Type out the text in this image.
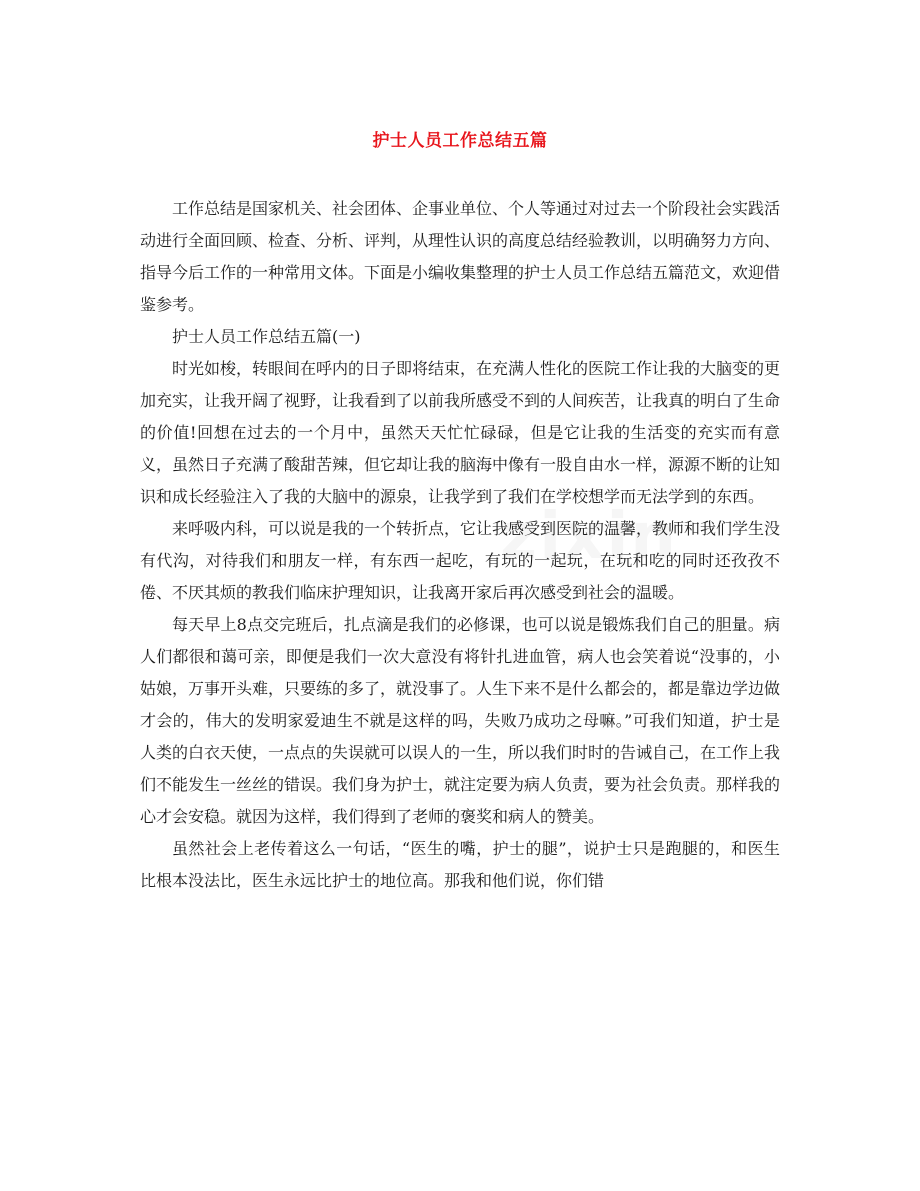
zixin
护士人员工作总结五篇

工作总结是国家机关、社会团体、企事业单位、个人等通过对过去一个阶段社会实践活动进行全面回顾、检查、分析、评判，从理性认识的高度总结经验教训，以明确努力方向、指导今后工作的一种常用文体。下面是小编收集整理的护士人员工作总结五篇范文，欢迎借鉴参考。

护士人员工作总结五篇(一)

时光如梭，转眼间在呼内的日子即将结束，在充满人性化的医院工作让我的大脑变的更加充实，让我开阔了视野，让我看到了以前我所感受不到的人间疾苦，让我真的明白了生命的价值!回想在过去的一个月中，虽然天天忙忙碌碌，但是它让我的生活变的充实而有意义，虽然日子充满了酸甜苦辣，但它却让我的脑海中像有一股自由水一样，源源不断的让知识和成长经验注入了我的大脑中的源泉，让我学到了我们在学校想学而无法学到的东西。

来呼吸内科，可以说是我的一个转折点，它让我感受到医院的温馨，教师和我们学生没有代沟，对待我们和朋友一样，有东西一起吃，有玩的一起玩，在玩和吃的同时还孜孜不倦、不厌其烦的教我们临床护理知识，让我离开家后再次感受到社会的温暖。

每天早上8点交完班后，扎点滴是我们的必修课，也可以说是锻炼我们自己的胆量。病人们都很和蔼可亲，即便是我们一次大意没有将针扎进血管，病人也会笑着说“没事的，小姑娘，万事开头难，只要练的多了，就没事了。人生下来不是什么都会的，都是靠边学边做才会的，伟大的发明家爱迪生不就是这样的吗，失败乃成功之母嘛。”可我们知道，护士是人类的白衣天使，一点点的失误就可以误人的一生，所以我们时时的告诫自己，在工作上我们不能发生一丝丝的错误。我们身为护士，就注定要为病人负责，要为社会负责。那样我的心才会安稳。就因为这样，我们得到了老师的褒奖和病人的赞美。

虽然社会上老传着这么一句话，“医生的嘴，护士的腿”，说护士只是跑腿的，和医生比根本没法比，医生永远比护士的地位高。那我和他们说，你们错
